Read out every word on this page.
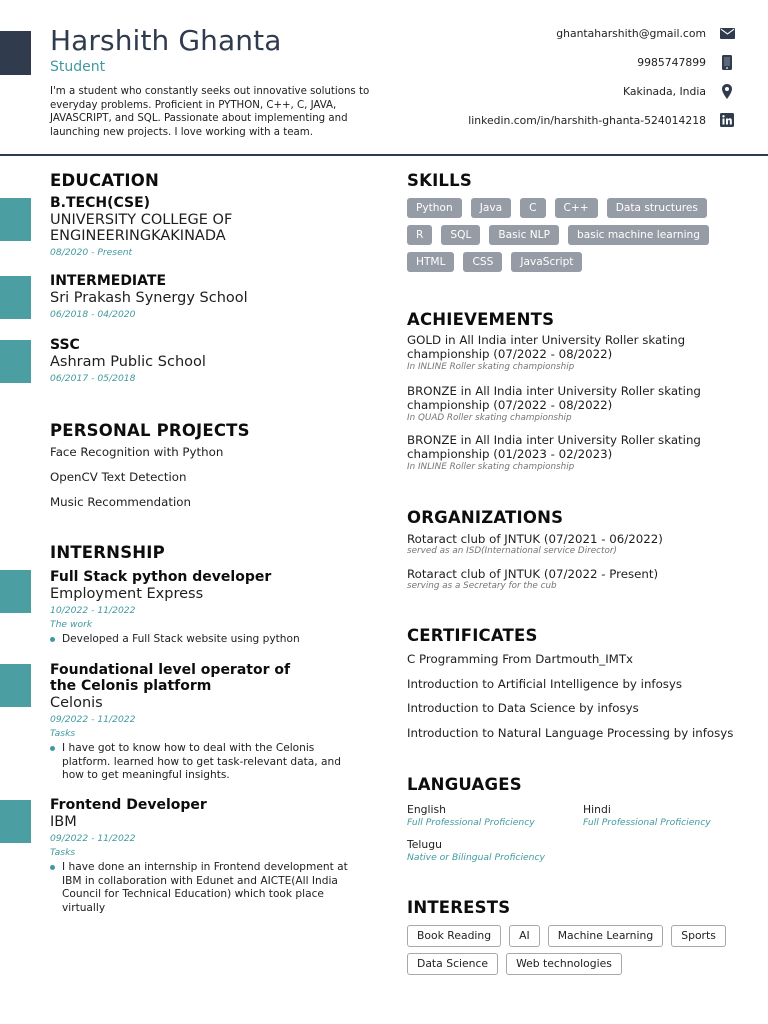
Harshith Ghanta
Student
I'm a student who constantly seeks out innovative solutions to everyday problems. Proficient in PYTHON, C++, C, JAVA, JAVASCRIPT, and SQL. Passionate about implementing and launching new projects. I love working with a team.
ghantaharshith@gmail.com
9985747899
Kakinada, India
linkedin.com/in/harshith-ghanta-524014218
EDUCATION
B.TECH(CSE)
UNIVERSITY COLLEGE OF ENGINEERINGKAKINADA
08/2020 - Present
INTERMEDIATE
Sri Prakash Synergy School
06/2018 - 04/2020
SSC
Ashram Public School
06/2017 - 05/2018
PERSONAL PROJECTS
Face Recognition with Python
OpenCV Text Detection
Music Recommendation
INTERNSHIP
Full Stack python developer
Employment Express
10/2022 - 11/2022
The work
Developed a Full Stack website using python
Foundational level operator of the Celonis platform
Celonis
09/2022 - 11/2022
Tasks
I have got to know how to deal with the Celonis platform. learned how to get task-relevant data, and how to get meaningful insights.
Frontend Developer
IBM
09/2022 - 11/2022
Tasks
I have done an internship in Frontend development at IBM in collaboration with Edunet and AICTE(All India Council for Technical Education) which took place virtually
SKILLS
Python	Java	C	C++	Data structures
R	SQL	Basic NLP	basic machine learning
HTML	CSS	JavaScript
ACHIEVEMENTS
GOLD in All India inter University Roller skating championship (07/2022 - 08/2022)
In INLINE Roller skating championship
BRONZE in All India inter University Roller skating championship (07/2022 - 08/2022)
In QUAD Roller skating championship
BRONZE in All India inter University Roller skating championship (01/2023 - 02/2023)
In INLINE Roller skating championship
ORGANIZATIONS
Rotaract club of JNTUK (07/2021 - 06/2022)
served as an ISD(International service Director)
Rotaract club of JNTUK (07/2022 - Present)
serving as a Secretary for the cub
CERTIFICATES
C Programming From Dartmouth_IMTx
Introduction to Artificial Intelligence by infosys
Introduction to Data Science by infosys
Introduction to Natural Language Processing by infosys
LANGUAGES
English
Full Professional Proficiency
Hindi
Full Professional Proficiency
Telugu
Native or Bilingual Proficiency
INTERESTS
Book Reading	AI	Machine Learning	Sports
Data Science	Web technologies
